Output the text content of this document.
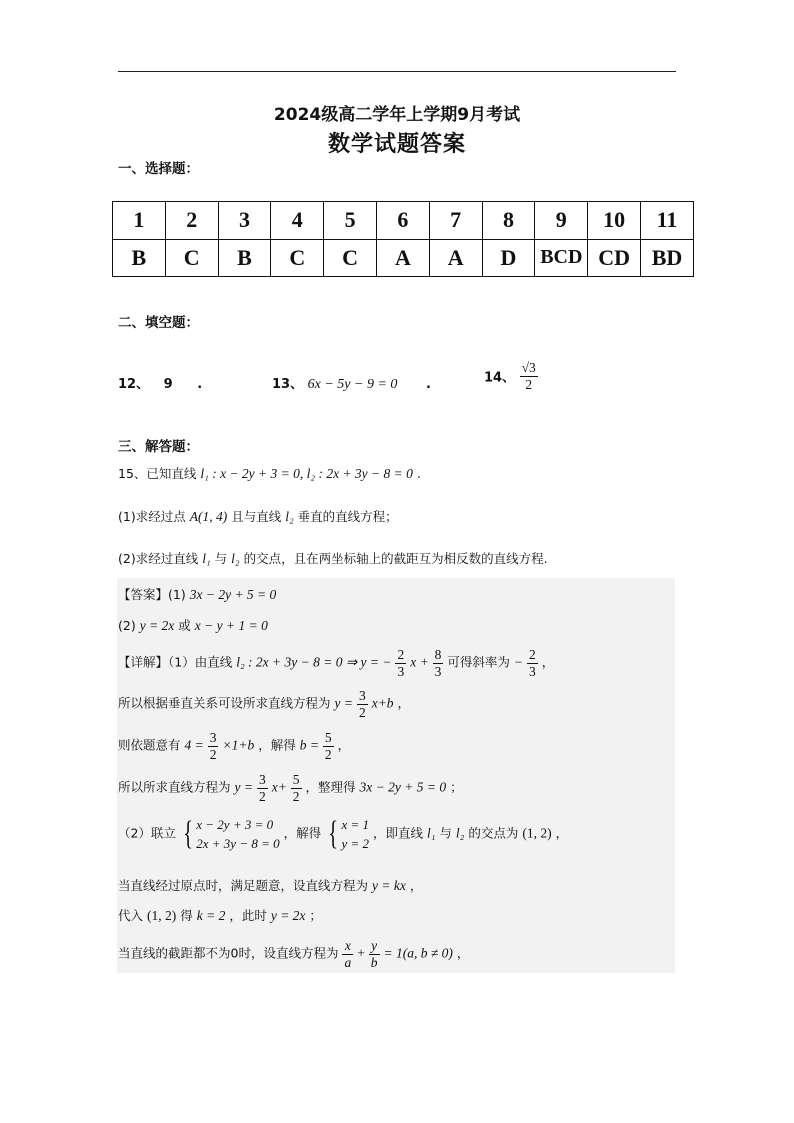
2024级高二学年上学期9月考试
数学试题答案
一、选择题：
1	2	3	4	5	6	7	8	9	10	11
B	C	B	C	C	A	A	D	BCD	CD	BD
二、填空题：
12、 9 .	13、 6x − 5y − 9 = 0 .	14、 $\frac{√3}{2}$
三、解答题：
15、已知直线 l₁ : x − 2y + 3 = 0, l₂ : 2x + 3y − 8 = 0 .
(1)求经过点 A(1, 4) 且与直线 l₂ 垂直的直线方程；
(2)求经过直线 l₁ 与 l₂ 的交点，且在两坐标轴上的截距互为相反数的直线方程.
【答案】(1) 3x − 2y + 5 = 0
(2) y = 2x 或 x − y + 1 = 0
【详解】（1）由直线 l₂ : 2x + 3y − 8 = 0 ⇒ y = − $\frac{2}{3}$ $x + \frac{8}{3}$ 可得斜率为 − $\frac{2}{3}$ ，
所以根据垂直关系可设所求直线方程为 $y = \frac{3}{2} x+b$ ，
则依题意有 $4 = \frac{3}{2} \times 1+b$ ，解得 $b = \frac{5}{2}$ ，
所以所求直线方程为 $y = \frac{3}{2} x+ \frac{5}{2}$ ，整理得 3x − 2y + 5 = 0 ；
（2）联立 { x − 2y + 3 = 0
2x + 3y − 8 = 0
，解得 { x = 1
y = 2
，即直线 l₁ 与 l₂ 的交点为 (1, 2) ，
当直线经过原点时，满足题意，设直线方程为 y = kx ，
代入 (1, 2) 得 k = 2 ，此时 y = 2x ；
当直线的截距都不为0时，设直线方程为 $\frac{x}{a} + \frac{y}{b} = 1(a$, b ≠ 0) ，
